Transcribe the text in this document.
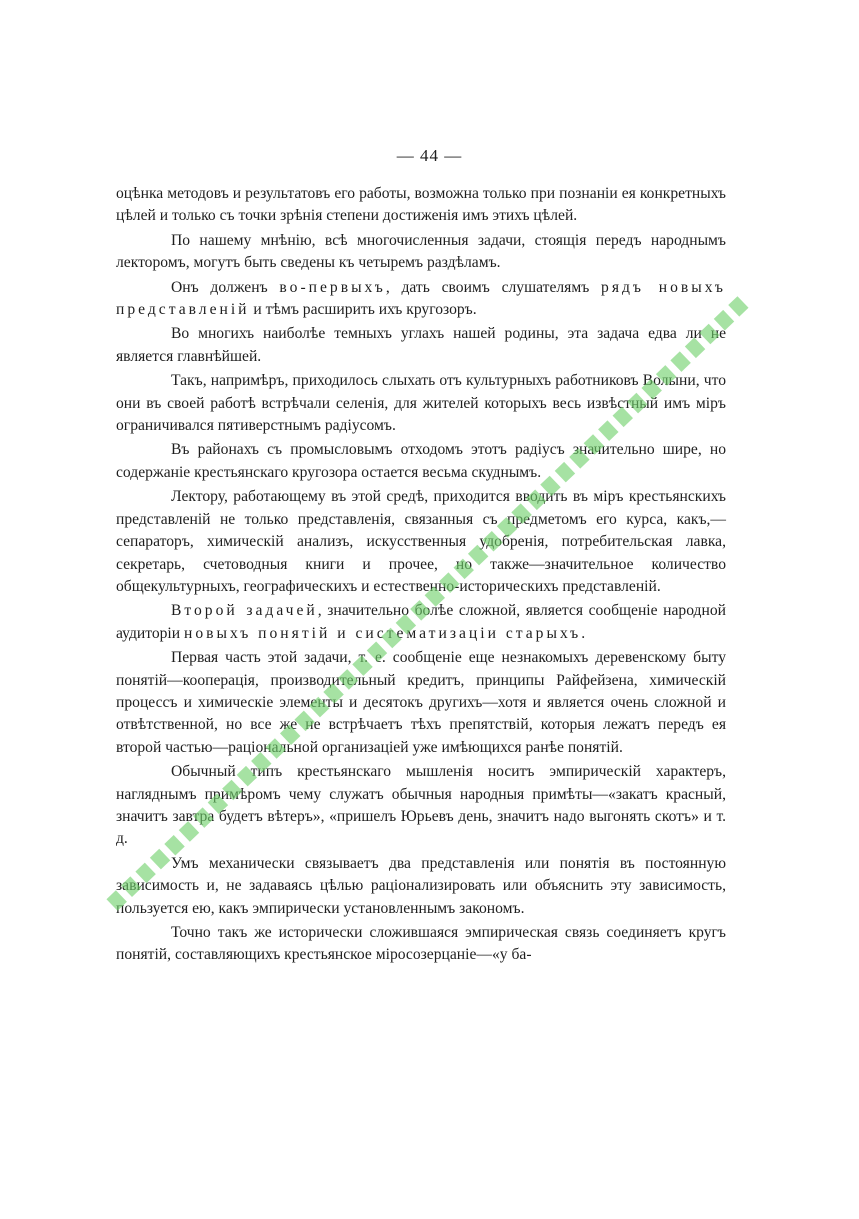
— 44 —

оцѣнка методовъ и результатовъ его работы, возможна только при познаніи ея конкретныхъ цѣлей и только съ точки зрѣнія степени достиженія имъ этихъ цѣлей.

По нашему мнѣнію, всѣ многочисленныя задачи, стоящія передъ народнымъ лекторомъ, могутъ быть сведены къ четыремъ раздѣламъ.

Онъ долженъ во-первыхъ, дать своимъ слушателямъ рядъ новыхъ представленій и тѣмъ расширить ихъ кругозоръ.

Во многихъ наиболѣе темныхъ углахъ нашей родины, эта задача едва ли не является главнѣйшей.

Такъ, напримѣръ, приходилось слыхать отъ культурныхъ работниковъ Волыни, что они въ своей работѣ встрѣчали селенія, для жителей которыхъ весь извѣстный имъ міръ ограничивался пятиверстнымъ радіусомъ.

Въ районахъ съ промысловымъ отходомъ этотъ радіусъ значительно шире, но содержаніе крестьянскаго кругозора остается весьма скуднымъ.

Лектору, работающему въ этой средѣ, приходится вводить въ міръ крестьянскихъ представленій не только представленія, связанныя съ предметомъ его курса, какъ,—сепараторъ, химическій анализъ, искусственныя удобренія, потребительская лавка, секретарь, счетоводныя книги и прочее, но также—значительное количество общекультурныхъ, географическихъ и естественно-историческихъ представленій.

Второй задачей, значительно болѣе сложной, является сообщеніе народной аудиторіи новыхъ понятій и систематизаціи старыхъ.

Первая часть этой задачи, т. е. сообщеніе еще незнакомыхъ деревенскому быту понятій—кооперація, производительный кредитъ, принципы Райфейзена, химическій процессъ и химическіе элементы и десятокъ другихъ—хотя и является очень сложной и отвѣтственной, но все же не встрѣчаетъ тѣхъ препятствій, которыя лежатъ передъ ея второй частью—раціональной организаціей уже имѣющихся ранѣе понятій.

Обычный типъ крестьянскаго мышленія носитъ эмпирическій характеръ, нагляднымъ примѣромъ чему служатъ обычныя народныя примѣты—«закатъ красный, значитъ завтра будетъ вѣтеръ», «пришелъ Юрьевъ день, значитъ надо выгонять скотъ» и т. д.

Умъ механически связываетъ два представленія или понятія въ постоянную зависимость и, не задаваясь цѣлью раціонализировать или объяснить эту зависимость, пользуется ею, какъ эмпирически установленнымъ закономъ.

Точно такъ же исторически сложившаяся эмпирическая связь соединяетъ кругъ понятій, составляющихъ крестьянское міросозерцаніе—«у ба-
